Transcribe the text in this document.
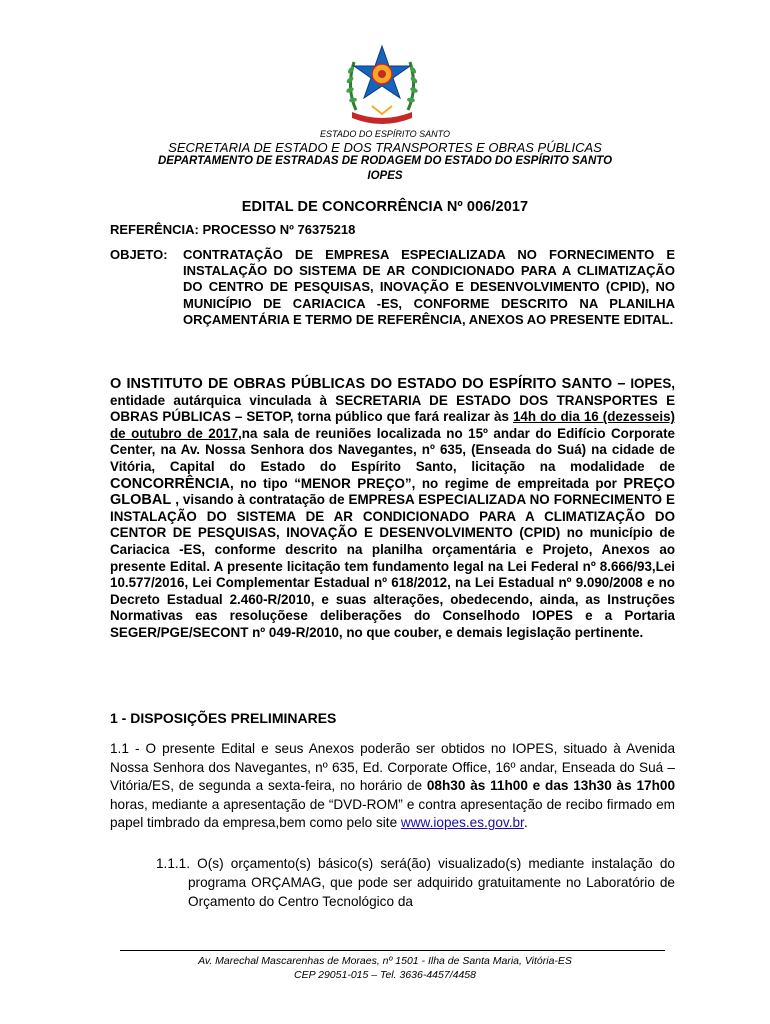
ESTADO DO ESPÍRITO SANTO
SECRETARIA DE ESTADO E DOS TRANSPORTES E OBRAS PÚBLICAS
DEPARTAMENTO DE ESTRADAS DE RODAGEM DO ESTADO DO ESPÍRITO SANTO
IOPES
EDITAL DE CONCORRÊNCIA Nº 006/2017
REFERÊNCIA: PROCESSO Nº 76375218
OBJETO: CONTRATAÇÃO DE EMPRESA ESPECIALIZADA NO FORNECIMENTO E INSTALAÇÃO DO SISTEMA DE AR CONDICIONADO PARA A CLIMATIZAÇÃO DO CENTRO DE PESQUISAS, INOVAÇÃO E DESENVOLVIMENTO (CPID), NO MUNICÍPIO DE CARIACICA -ES, CONFORME DESCRITO NA PLANILHA ORÇAMENTÁRIA E TERMO DE REFERÊNCIA, ANEXOS AO PRESENTE EDITAL.
O INSTITUTO DE OBRAS PÚBLICAS DO ESTADO DO ESPÍRITO SANTO – IOPES, entidade autárquica vinculada à SECRETARIA DE ESTADO DOS TRANSPORTES E OBRAS PÚBLICAS – SETOP, torna público que fará realizar às 14h do dia 16 (dezesseis) de outubro de 2017,na sala de reuniões localizada no 15º andar do Edifício Corporate Center, na Av. Nossa Senhora dos Navegantes, nº 635, (Enseada do Suá) na cidade de Vitória, Capital do Estado do Espírito Santo, licitação na modalidade de CONCORRÊNCIA, no tipo “MENOR PREÇO”, no regime de empreitada por PREÇO GLOBAL , visando à contratação de EMPRESA ESPECIALIZADA NO FORNECIMENTO E INSTALAÇÃO DO SISTEMA DE AR CONDICIONADO PARA A CLIMATIZAÇÃO DO CENTOR DE PESQUISAS, INOVAÇÃO E DESENVOLVIMENTO (CPID) no município de Cariacica -ES, conforme descrito na planilha orçamentária e Projeto, Anexos ao presente Edital. A presente licitação tem fundamento legal na Lei Federal nº 8.666/93,Lei 10.577/2016, Lei Complementar Estadual nº 618/2012, na Lei Estadual nº 9.090/2008 e no Decreto Estadual 2.460-R/2010, e suas alterações, obedecendo, ainda, as Instruções Normativas eas resoluçõese deliberações do Conselhodo IOPES e a Portaria SEGER/PGE/SECONT nº 049-R/2010, no que couber, e demais legislação pertinente.
1 - DISPOSIÇÕES PRELIMINARES
1.1 - O presente Edital e seus Anexos poderão ser obtidos no IOPES, situado à Avenida Nossa Senhora dos Navegantes, nº 635, Ed. Corporate Office, 16º andar, Enseada do Suá – Vitória/ES, de segunda a sexta-feira, no horário de 08h30 às 11h00 e das 13h30 às 17h00 horas, mediante a apresentação de “DVD-ROM” e contra apresentação de recibo firmado em papel timbrado da empresa,bem como pelo site www.iopes.es.gov.br.
1.1.1. O(s) orçamento(s) básico(s) será(ão) visualizado(s) mediante instalação do programa ORÇAMAG, que pode ser adquirido gratuitamente no Laboratório de Orçamento do Centro Tecnológico da
Av. Marechal Mascarenhas de Moraes, nº 1501 - Ilha de Santa Maria, Vitória-ES
CEP 29051-015 – Tel. 3636-4457/4458
